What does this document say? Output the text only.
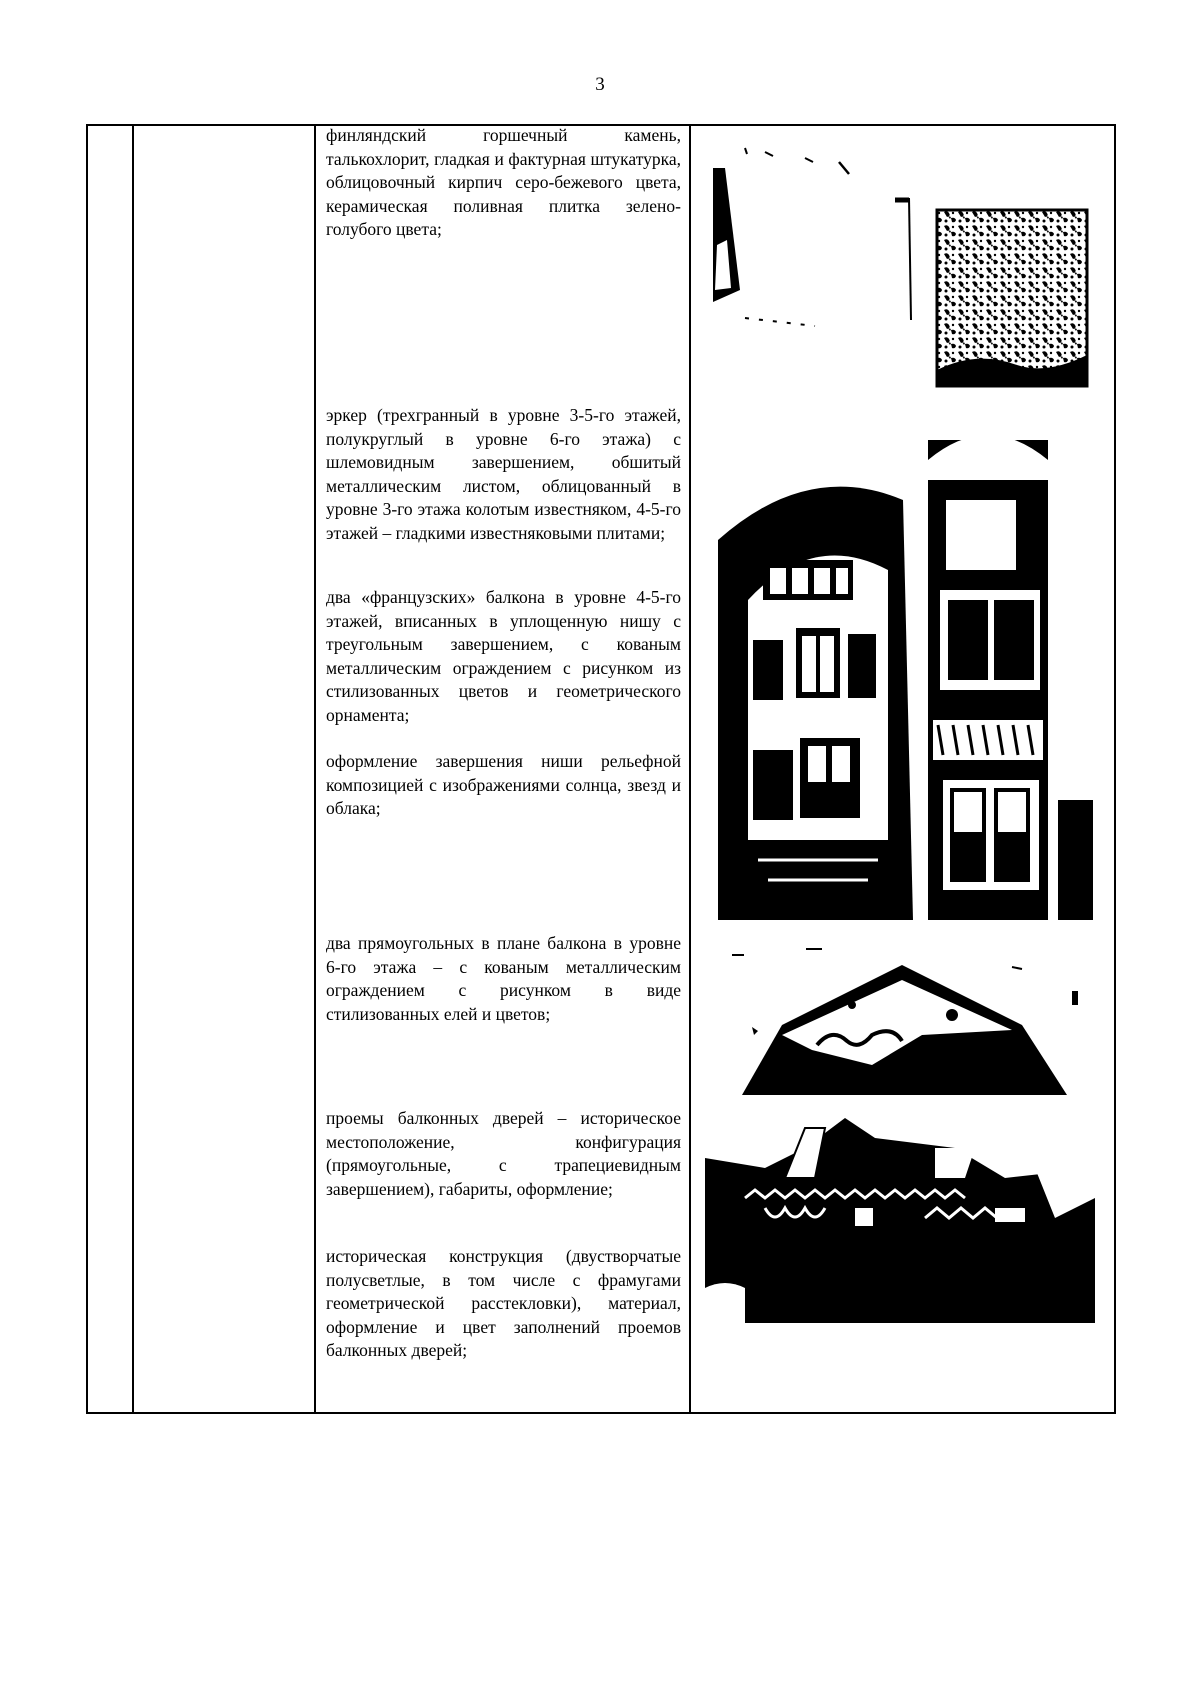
3

финляндский горшечный камень, талькохлорит, гладкая и фактурная штукатурка, облицовочный кирпич серо-бежевого цвета, керамическая поливная плитка зелено-голубого цвета;

эркер (трехгранный в уровне 3-5-го этажей, полукруглый в уровне 6-го этажа) с шлемовидным завершением, обшитый металлическим листом, облицованный в уровне 3-го этажа колотым известняком, 4-5-го этажей – гладкими известняковыми плитами;

два «французских» балкона в уровне 4-5-го этажей, вписанных в уплощенную нишу с треугольным завершением, с кованым металлическим ограждением с рисунком из стилизованных цветов и геометрического орнамента;

оформление завершения ниши рельефной композицией с изображениями солнца, звезд и облака;

два прямоугольных в плане балкона в уровне 6-го этажа – с кованым металлическим ограждением с рисунком в виде стилизованных елей и цветов;

проемы балконных дверей – историческое местоположение, конфигурация (прямоугольные, с трапециевидным завершением), габариты, оформление;

историческая конструкция (двустворчатые полусветлые, в том числе с фрамугами геометрической расстекловки), материал, оформление и цвет заполнений проемов балконных дверей;
